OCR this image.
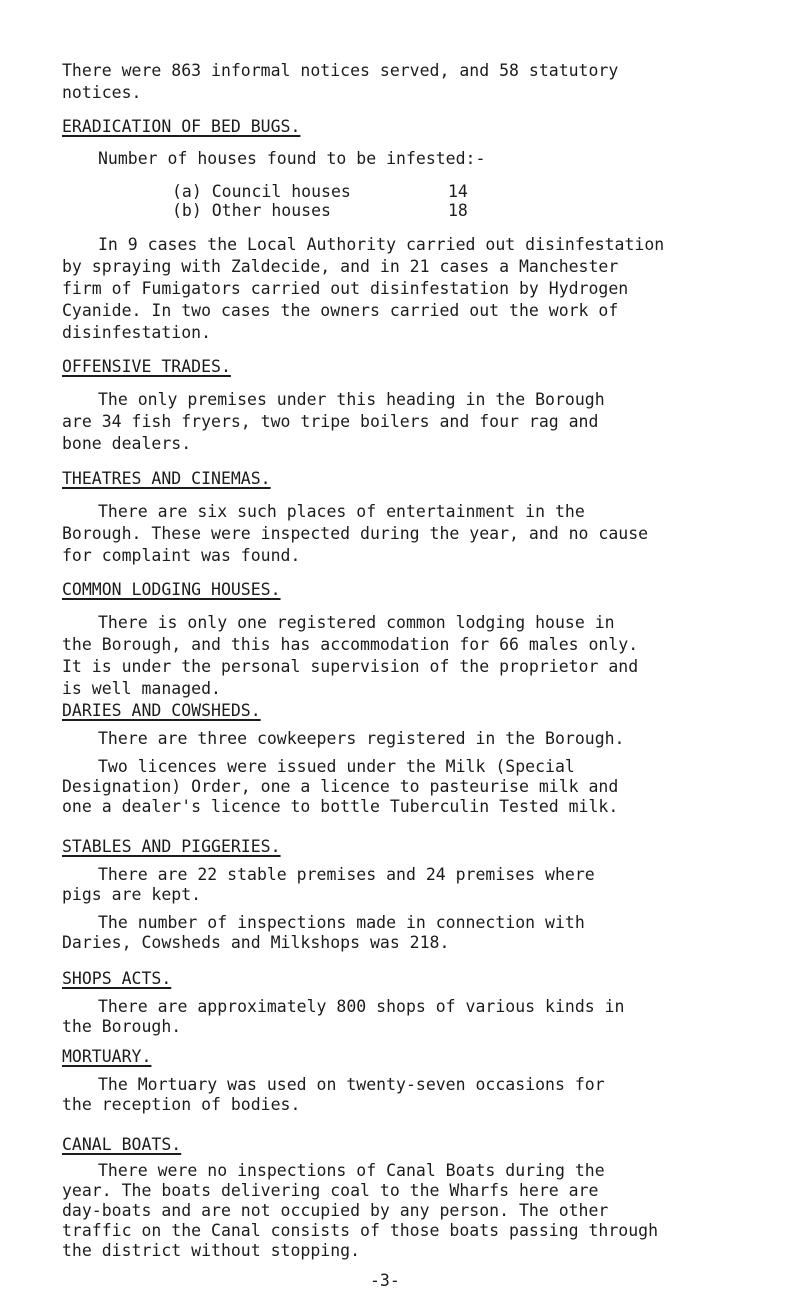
There were 863 informal notices served, and 58 statutory

notices.

ERADICATION OF BED BUGS.

Number of houses found to be infested:-

(a) Council houses	14
(b) Other houses	18

In 9 cases the Local Authority carried out disinfestation

by spraying with Zaldecide, and in 21 cases a Manchester

firm of Fumigators carried out disinfestation by Hydrogen

Cyanide. In two cases the owners carried out the work of

disinfestation.

OFFENSIVE TRADES.

The only premises under this heading in the Borough

are 34 fish fryers, two tripe boilers and four rag and

bone dealers.

THEATRES AND CINEMAS.

There are six such places of entertainment in the

Borough. These were inspected during the year, and no cause

for complaint was found.

COMMON LODGING HOUSES.

There is only one registered common lodging house in

the Borough, and this has accommodation for 66 males only.

It is under the personal supervision of the proprietor and

is well managed.

DARIES AND COWSHEDS.

There are three cowkeepers registered in the Borough.

Two licences were issued under the Milk (Special

Designation) Order, one a licence to pasteurise milk and

one a dealer's licence to bottle Tuberculin Tested milk.

STABLES AND PIGGERIES.

There are 22 stable premises and 24 premises where

pigs are kept.

The number of inspections made in connection with

Daries, Cowsheds and Milkshops was 218.

SHOPS ACTS.

There are approximately 800 shops of various kinds in

the Borough.

MORTUARY.

The Mortuary was used on twenty-seven occasions for

the reception of bodies.

CANAL BOATS.

There were no inspections of Canal Boats during the

year. The boats delivering coal to the Wharfs here are

day-boats and are not occupied by any person. The other

traffic on the Canal consists of those boats passing through

the district without stopping.

-3-
